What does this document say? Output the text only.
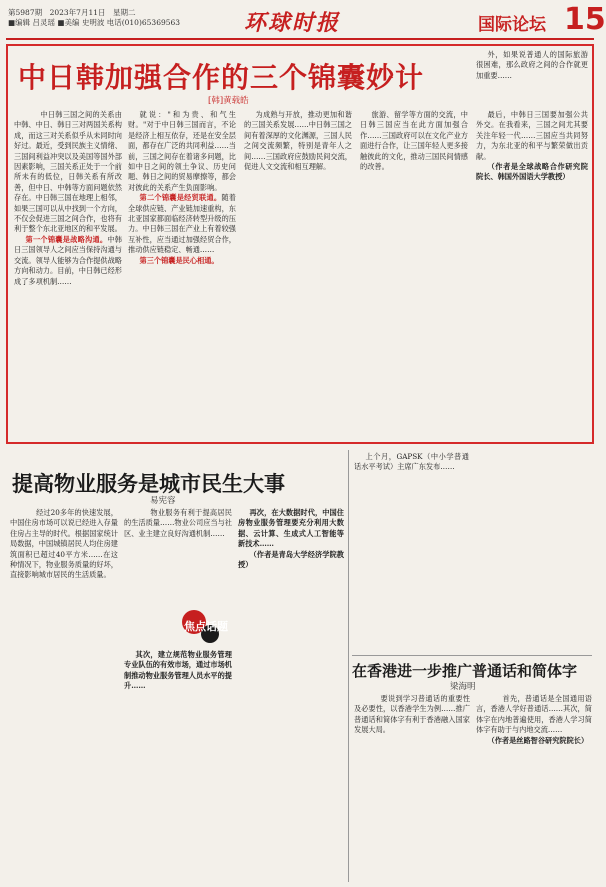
第5987期　2023年7月11日　星期二
■编辑 吕灵瑶 ■美编 史明波 电话(010)65369563	环球时报	国际论坛 15
中日韩加强合作的三个锦囊妙计
[韩]黄载皓

外，如果说普通人的国际旅游很困难，那么政府之间的合作就更加重要……

　　中日韩三国之间的关系由中韩、中日、韩日三对两国关系构成，而这三对关系似乎从未同时向好过。最近，受到民族主义情绪、三国间利益冲突以及美国等国外部因素影响，三国关系正处于一个前所未有的低位，日韩关系有所改善，但中日、中韩等方面问题依然存在。中日韩三国在地理上相邻，如果三国可以从中找到一个方向，不仅会促进三国之间合作，也将有利于整个东北亚地区的和平发展。

第一个锦囊是战略沟通。中韩日三国领导人之间应当保持沟通与交流。领导人能够为合作提供战略方向和动力。目前，中日韩已经形成了多项机制……

就说："和为贵、和气生财。"对于中日韩三国而言，不论是经济上相互依存，还是在安全层面，都存在广泛的共同利益……当前，三国之间存在着诸多问题，比如中日之间的领土争议、历史问题、韩日之间的贸易摩擦等，都会对彼此的关系产生负面影响。

第二个锦囊是经贸联通。随着全球供应链、产业链加速重构，东北亚国家都面临经济转型升级的压力。中日韩三国在产业上有着较强互补性，应当通过加强经贸合作，推动供应链稳定、畅通……

第三个锦囊是民心相通。

为成熟与开放，推动更加和谐的三国关系发展……中日韩三国之间有着深厚的文化渊源，三国人民之间交流频繁，特别是青年人之间……三国政府应鼓励民间交流，促进人文交流和相互理解。

旅游、留学等方面的交流，中日韩三国应当在此方面加强合作……三国政府可以在文化产业方面进行合作，让三国年轻人更多接触彼此的文化，推动三国民间情感的改善。

最后，中韩日三国要加强公共外交。在我看来，三国之间尤其要关注年轻一代……三国应当共同努力，为东北亚的和平与繁荣做出贡献。

（作者是全球战略合作研究院院长、韩国外国语大学教授）

提高物业服务是城市民生大事
易宪容

　　经过20多年的快速发展，中国住房市场可以说已经进入存量住房占主导的时代。根据国家统计局数据，中国城镇居民人均住房建筑面积已超过40平方米……在这种情况下，物业服务质量的好坏，直接影响城市居民的生活质量。

　　物业服务有利于提高居民的生活质量……物业公司应当与社区、业主建立良好沟通机制……

焦点话题

其次，建立规范物业服务管理专业队伍的有效市场，通过市场机制推动物业服务管理人员水平的提升……

再次，在大数据时代，中国住房物业服务管理要充分利用大数据、云计算、生成式人工智能等新技术……

（作者是青岛大学经济学院教授）

上个月，GAPSK（中小学普通话水平考试）主席广东发布……

在香港进一步推广普通话和简体字
梁海明

　　要说到学习普通话的重要性及必要性，以香港学生为例……推广普通话和简体字有利于香港融入国家发展大局。

　　首先，普通话是全国通用语言，香港人学好普通话……其次，简体字在内地普遍使用，香港人学习简体字有助于与内地交流……

（作者是丝路智谷研究院院长）
